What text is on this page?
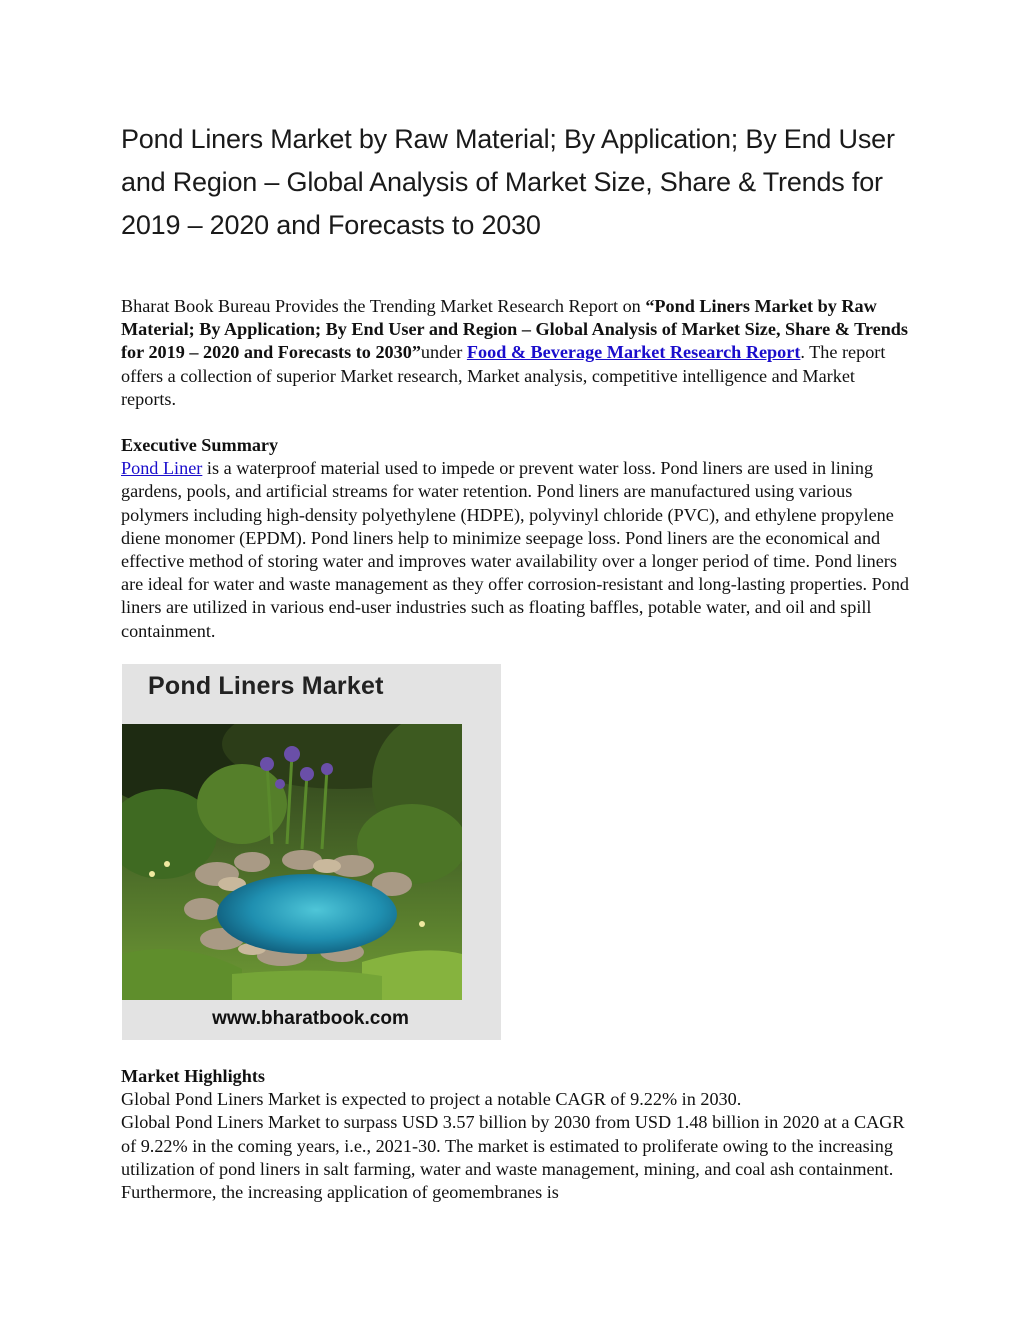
Pond Liners Market by Raw Material; By Application; By End User and Region – Global Analysis of Market Size, Share & Trends for 2019 – 2020 and Forecasts to 2030

Bharat Book Bureau Provides the Trending Market Research Report on “Pond Liners Market by Raw Material; By Application; By End User and Region – Global Analysis of Market Size, Share & Trends for 2019 – 2020 and Forecasts to 2030”under Food & Beverage Market Research Report. The report offers a collection of superior Market research, Market analysis, competitive intelligence and Market reports.

Executive Summary
Pond Liner is a waterproof material used to impede or prevent water loss. Pond liners are used in lining gardens, pools, and artificial streams for water retention. Pond liners are manufactured using various polymers including high-density polyethylene (HDPE), polyvinyl chloride (PVC), and ethylene propylene diene monomer (EPDM). Pond liners help to minimize seepage loss. Pond liners are the economical and effective method of storing water and improves water availability over a longer period of time. Pond liners are ideal for water and waste management as they offer corrosion-resistant and long-lasting properties. Pond liners are utilized in various end-user industries such as floating baffles, potable water, and oil and spill containment.

Pond Liners Market

www.bharatbook.com
Market Highlights
Global Pond Liners Market is expected to project a notable CAGR of 9.22% in 2030.
Global Pond Liners Market to surpass USD 3.57 billion by 2030 from USD 1.48 billion in 2020 at a CAGR of 9.22% in the coming years, i.e., 2021-30. The market is estimated to proliferate owing to the increasing utilization of pond liners in salt farming, water and waste management, mining, and coal ash containment. Furthermore, the increasing application of geomembranes is
